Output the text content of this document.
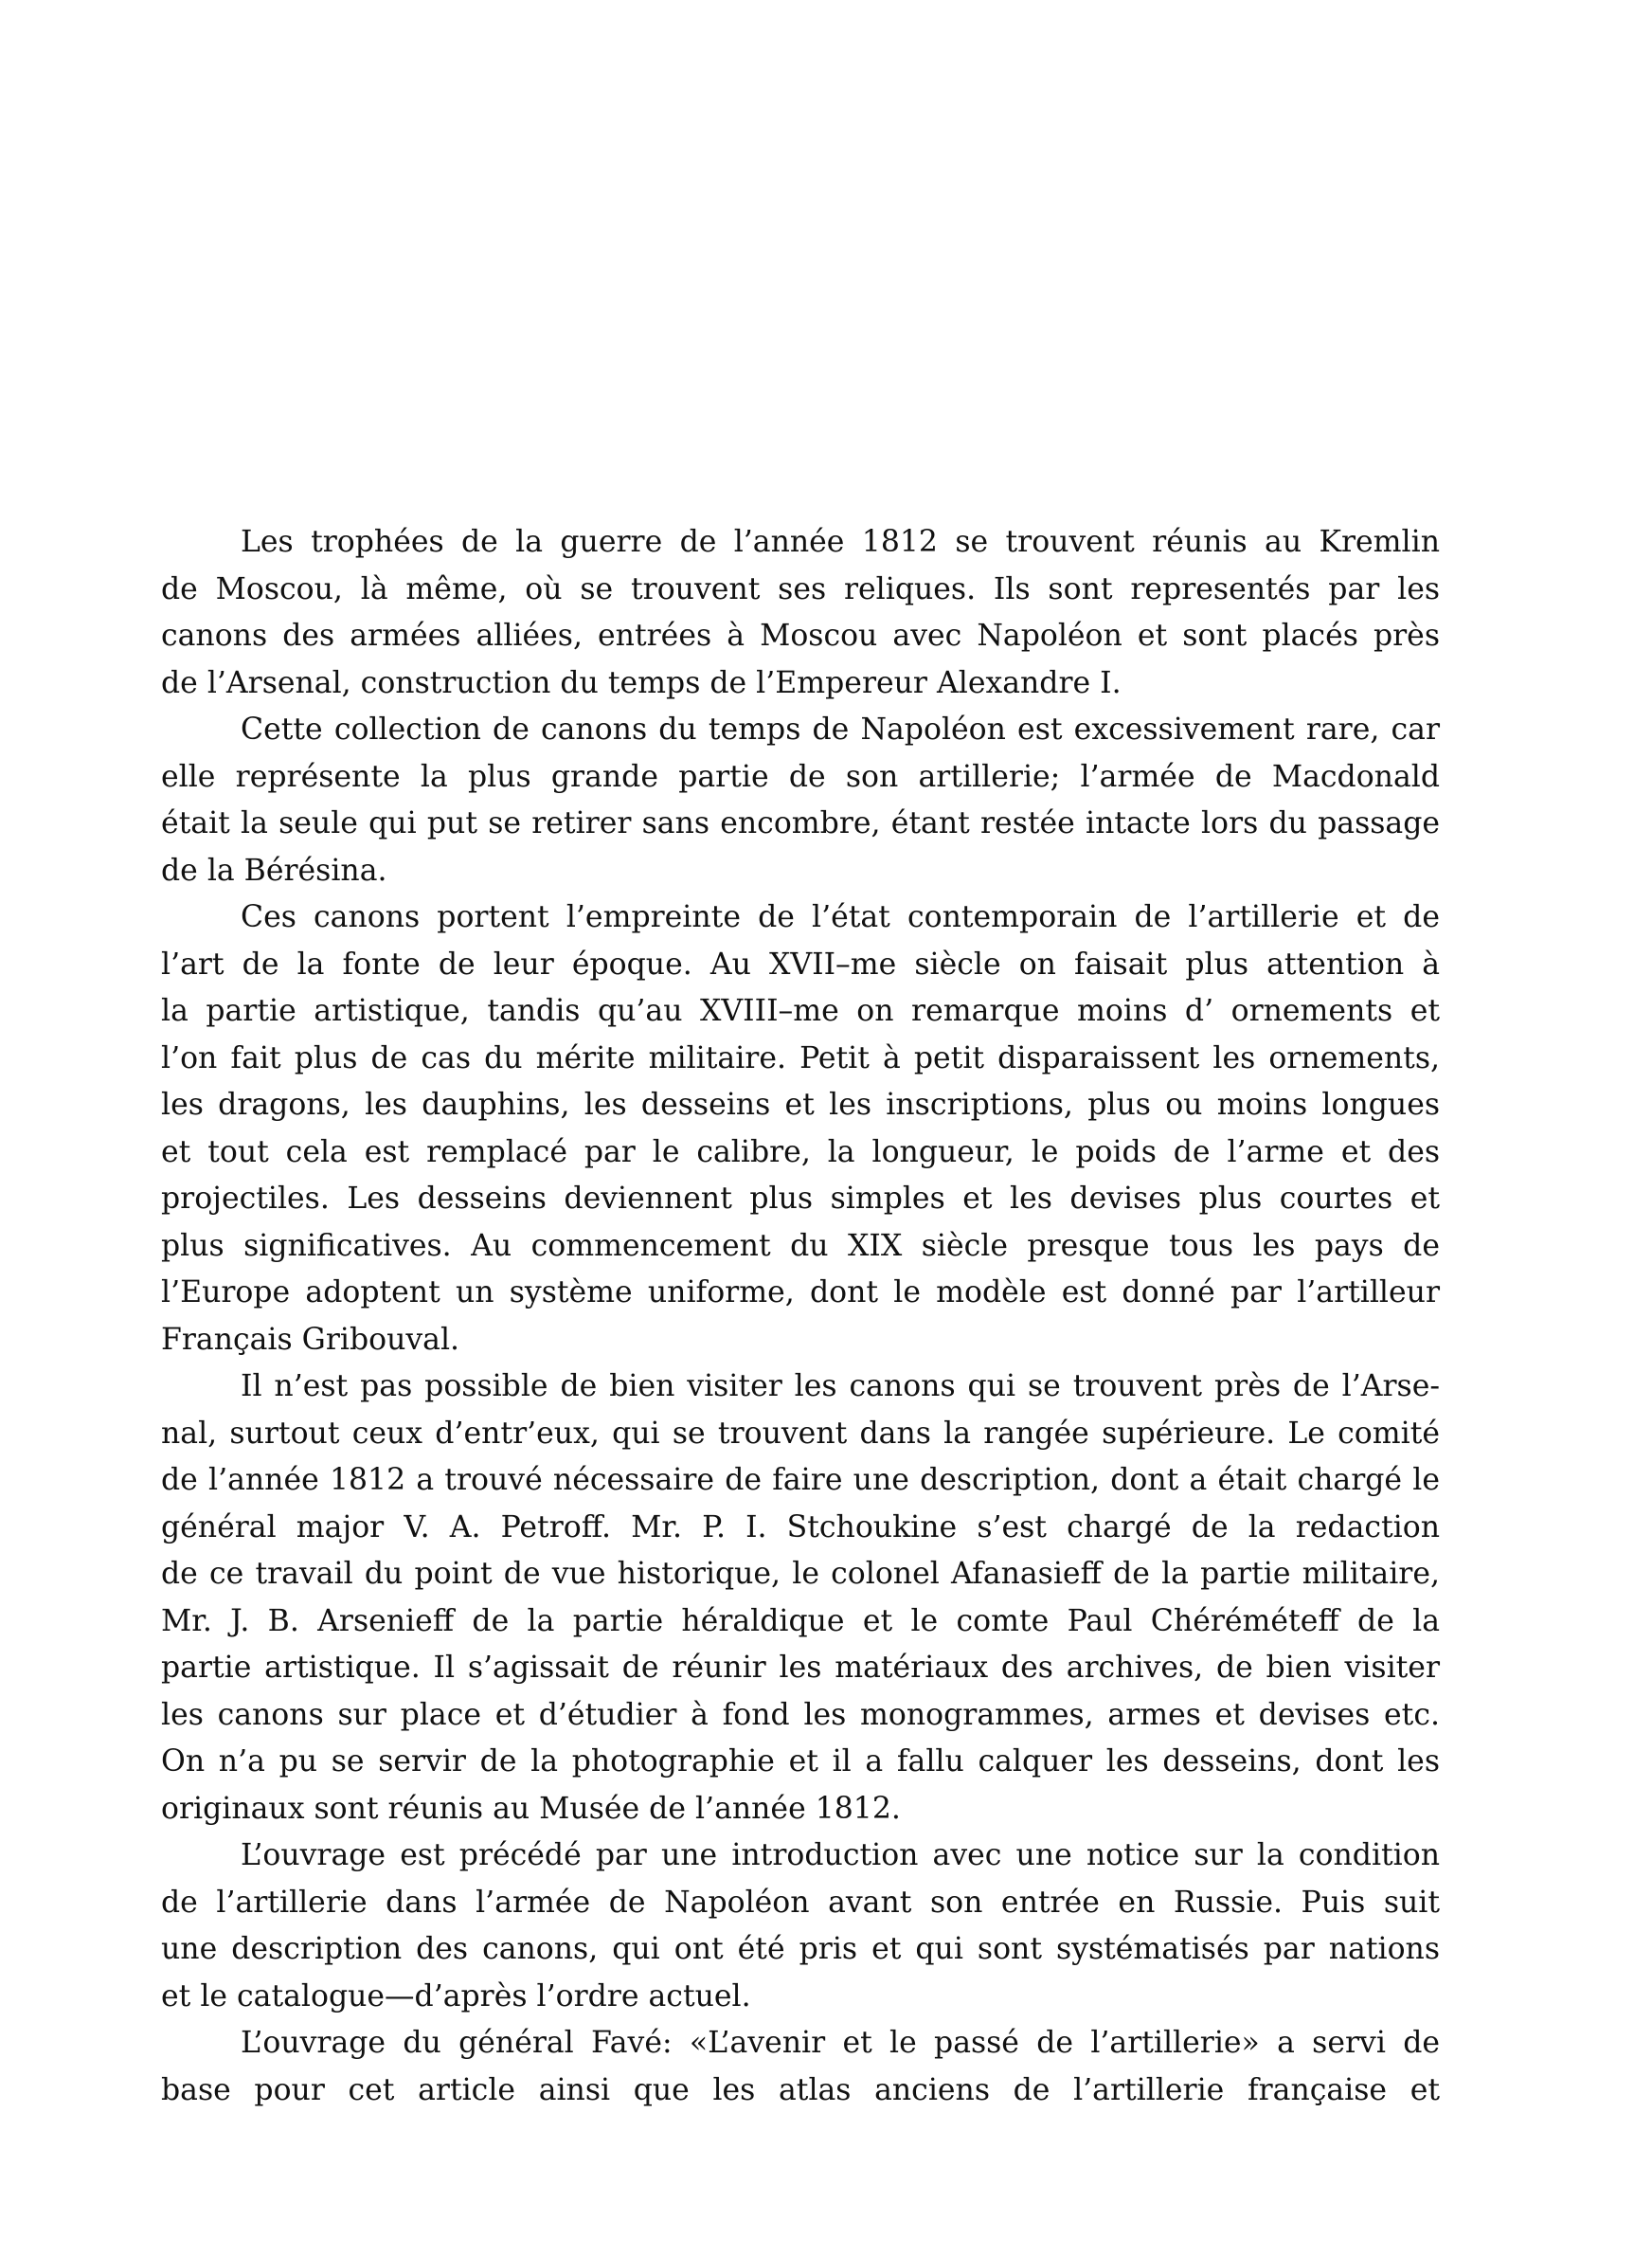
Les trophées de la guerre de l’année 1812 se trouvent réunis au Kremlin
de Moscou, là même, où se trouvent ses reliques. Ils sont representés par les
canons des armées alliées, entrées à Moscou avec Napoléon et sont placés près
de l’Arsenal, construction du temps de l’Empereur Alexandre I.
Cette collection de canons du temps de Napoléon est excessivement rare, car
elle représente la plus grande partie de son artillerie; l’armée de Macdonald
était la seule qui put se retirer sans encombre, étant restée intacte lors du passage
de la Bérésina.
Ces canons portent l’empreinte de l’état contemporain de l’artillerie et de
l’art de la fonte de leur époque. Au XVII–me siècle on faisait plus attention à
la partie artistique, tandis qu’au XVIII–me on remarque moins d’ ornements et
l’on fait plus de cas du mérite militaire. Petit à petit disparaissent les ornements,
les dragons, les dauphins, les desseins et les inscriptions, plus ou moins longues
et tout cela est remplacé par le calibre, la longueur, le poids de l’arme et des
projectiles. Les desseins deviennent plus simples et les devises plus courtes et
plus significatives. Au commencement du XIX siècle presque tous les pays de
l’Europe adoptent un système uniforme, dont le modèle est donné par l’artilleur
Français Gribouval.
Il n’est pas possible de bien visiter les canons qui se trouvent près de l’Arse-
nal, surtout ceux d’entr’eux, qui se trouvent dans la rangée supérieure. Le comité
de l’année 1812 a trouvé nécessaire de faire une description, dont a était chargé le
général major V. A. Petroff. Mr. P. I. Stchoukine s’est chargé de la redaction
de ce travail du point de vue historique, le colonel Afanasieff de la partie militaire,
Mr. J. B. Arsenieff de la partie héraldique et le comte Paul Chéréméteff de la
partie artistique. Il s’agissait de réunir les matériaux des archives, de bien visiter
les canons sur place et d’étudier à fond les monogrammes, armes et devises etc.
On n’a pu se servir de la photographie et il a fallu calquer les desseins, dont les
originaux sont réunis au Musée de l’année 1812.
L’ouvrage est précédé par une introduction avec une notice sur la condition
de l’artillerie dans l’armée de Napoléon avant son entrée en Russie. Puis suit
une description des canons, qui ont été pris et qui sont systématisés par nations
et le catalogue—d’après l’ordre actuel.
L’ouvrage du général Favé: «L’avenir et le passé de l’artillerie» a servi de
base pour cet article ainsi que les atlas anciens de l’artillerie française et
